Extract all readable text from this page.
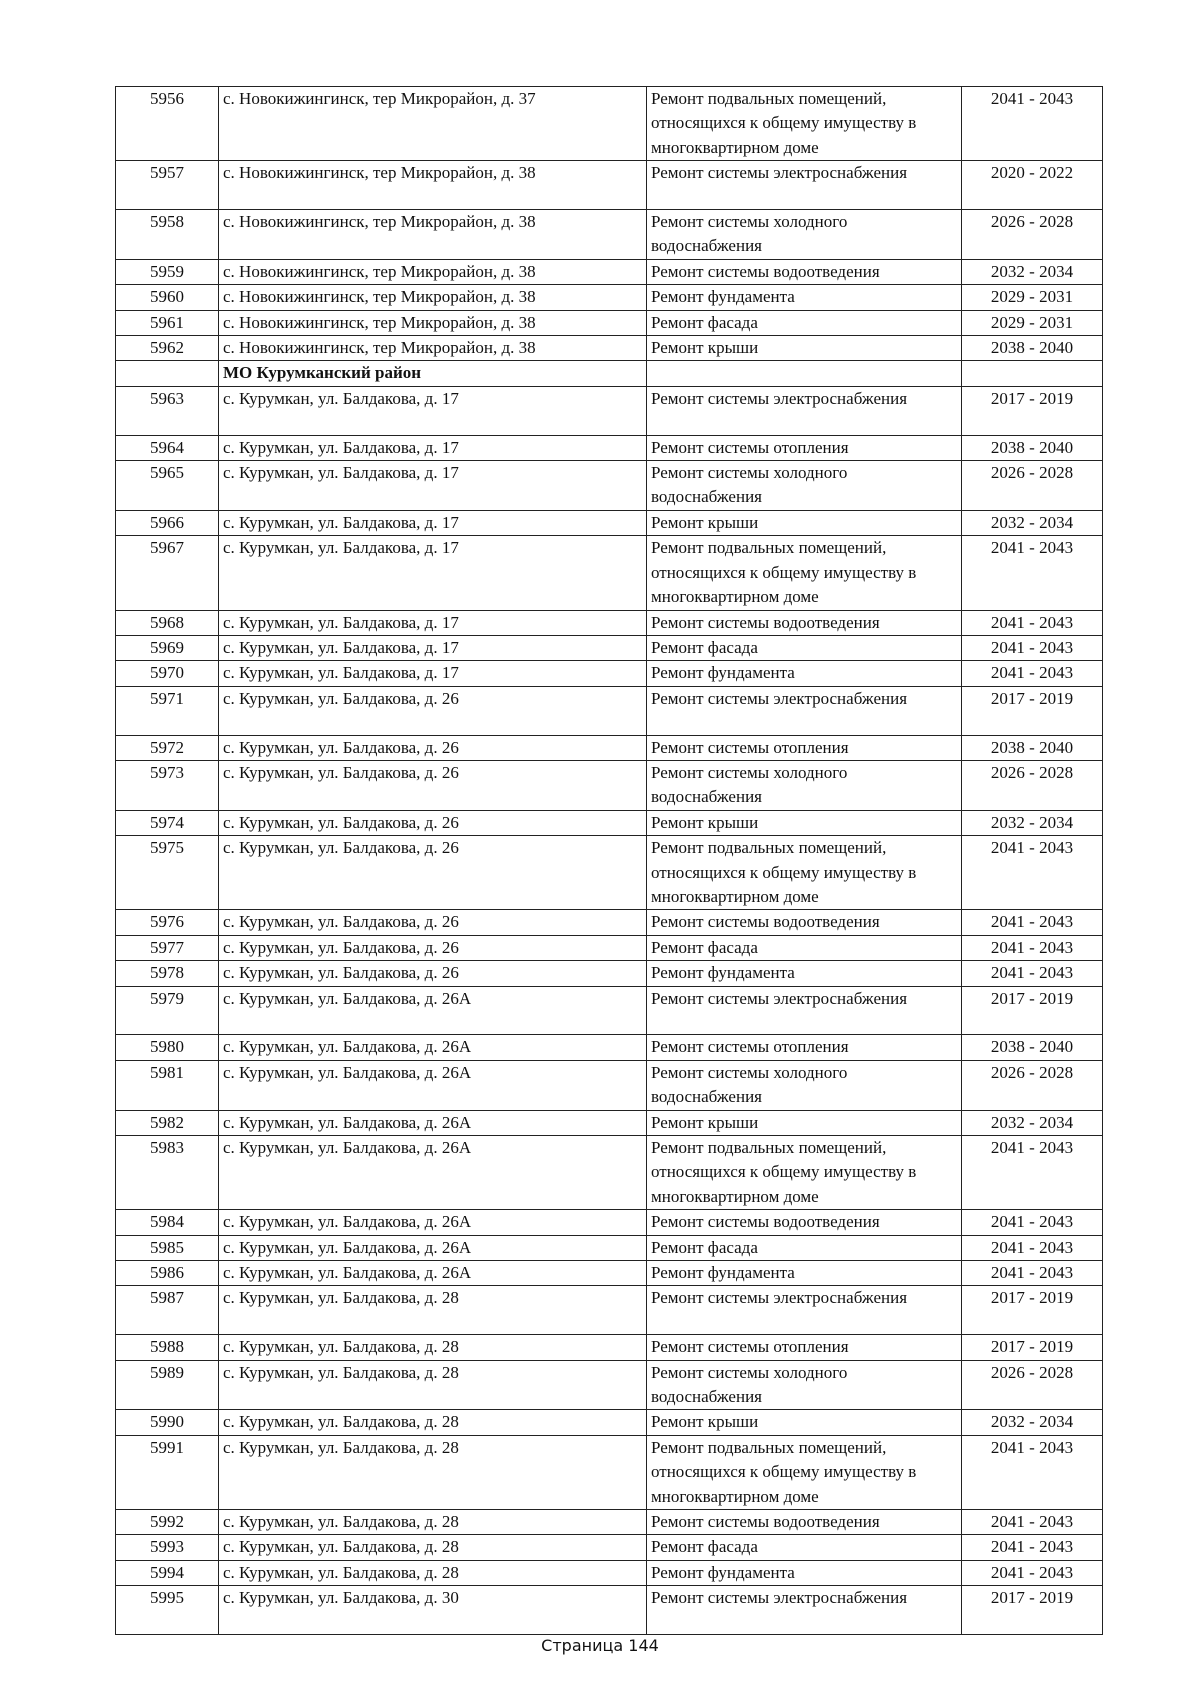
5956	с. Новокижингинск, тер Микрорайон, д. 37	Ремонт подвальных помещений, относящихся к общему имуществу в многоквартирном доме	2041 - 2043
5957	с. Новокижингинск, тер Микрорайон, д. 38	Ремонт системы электроснабжения	2020 - 2022
5958	с. Новокижингинск, тер Микрорайон, д. 38	Ремонт системы холодного водоснабжения	2026 - 2028
5959	с. Новокижингинск, тер Микрорайон, д. 38	Ремонт системы водоотведения	2032 - 2034
5960	с. Новокижингинск, тер Микрорайон, д. 38	Ремонт фундамента	2029 - 2031
5961	с. Новокижингинск, тер Микрорайон, д. 38	Ремонт фасада	2029 - 2031
5962	с. Новокижингинск, тер Микрорайон, д. 38	Ремонт крыши	2038 - 2040
	МО Курумканский район		
5963	с. Курумкан, ул. Балдакова, д. 17	Ремонт системы электроснабжения	2017 - 2019
5964	с. Курумкан, ул. Балдакова, д. 17	Ремонт системы отопления	2038 - 2040
5965	с. Курумкан, ул. Балдакова, д. 17	Ремонт системы холодного водоснабжения	2026 - 2028
5966	с. Курумкан, ул. Балдакова, д. 17	Ремонт крыши	2032 - 2034
5967	с. Курумкан, ул. Балдакова, д. 17	Ремонт подвальных помещений, относящихся к общему имуществу в многоквартирном доме	2041 - 2043
5968	с. Курумкан, ул. Балдакова, д. 17	Ремонт системы водоотведения	2041 - 2043
5969	с. Курумкан, ул. Балдакова, д. 17	Ремонт фасада	2041 - 2043
5970	с. Курумкан, ул. Балдакова, д. 17	Ремонт фундамента	2041 - 2043
5971	с. Курумкан, ул. Балдакова, д. 26	Ремонт системы электроснабжения	2017 - 2019
5972	с. Курумкан, ул. Балдакова, д. 26	Ремонт системы отопления	2038 - 2040
5973	с. Курумкан, ул. Балдакова, д. 26	Ремонт системы холодного водоснабжения	2026 - 2028
5974	с. Курумкан, ул. Балдакова, д. 26	Ремонт крыши	2032 - 2034
5975	с. Курумкан, ул. Балдакова, д. 26	Ремонт подвальных помещений, относящихся к общему имуществу в многоквартирном доме	2041 - 2043
5976	с. Курумкан, ул. Балдакова, д. 26	Ремонт системы водоотведения	2041 - 2043
5977	с. Курумкан, ул. Балдакова, д. 26	Ремонт фасада	2041 - 2043
5978	с. Курумкан, ул. Балдакова, д. 26	Ремонт фундамента	2041 - 2043
5979	с. Курумкан, ул. Балдакова, д. 26А	Ремонт системы электроснабжения	2017 - 2019
5980	с. Курумкан, ул. Балдакова, д. 26А	Ремонт системы отопления	2038 - 2040
5981	с. Курумкан, ул. Балдакова, д. 26А	Ремонт системы холодного водоснабжения	2026 - 2028
5982	с. Курумкан, ул. Балдакова, д. 26А	Ремонт крыши	2032 - 2034
5983	с. Курумкан, ул. Балдакова, д. 26А	Ремонт подвальных помещений, относящихся к общему имуществу в многоквартирном доме	2041 - 2043
5984	с. Курумкан, ул. Балдакова, д. 26А	Ремонт системы водоотведения	2041 - 2043
5985	с. Курумкан, ул. Балдакова, д. 26А	Ремонт фасада	2041 - 2043
5986	с. Курумкан, ул. Балдакова, д. 26А	Ремонт фундамента	2041 - 2043
5987	с. Курумкан, ул. Балдакова, д. 28	Ремонт системы электроснабжения	2017 - 2019
5988	с. Курумкан, ул. Балдакова, д. 28	Ремонт системы отопления	2017 - 2019
5989	с. Курумкан, ул. Балдакова, д. 28	Ремонт системы холодного водоснабжения	2026 - 2028
5990	с. Курумкан, ул. Балдакова, д. 28	Ремонт крыши	2032 - 2034
5991	с. Курумкан, ул. Балдакова, д. 28	Ремонт подвальных помещений, относящихся к общему имуществу в многоквартирном доме	2041 - 2043
5992	с. Курумкан, ул. Балдакова, д. 28	Ремонт системы водоотведения	2041 - 2043
5993	с. Курумкан, ул. Балдакова, д. 28	Ремонт фасада	2041 - 2043
5994	с. Курумкан, ул. Балдакова, д. 28	Ремонт фундамента	2041 - 2043
5995	с. Курумкан, ул. Балдакова, д. 30	Ремонт системы электроснабжения	2017 - 2019
Страница 144
